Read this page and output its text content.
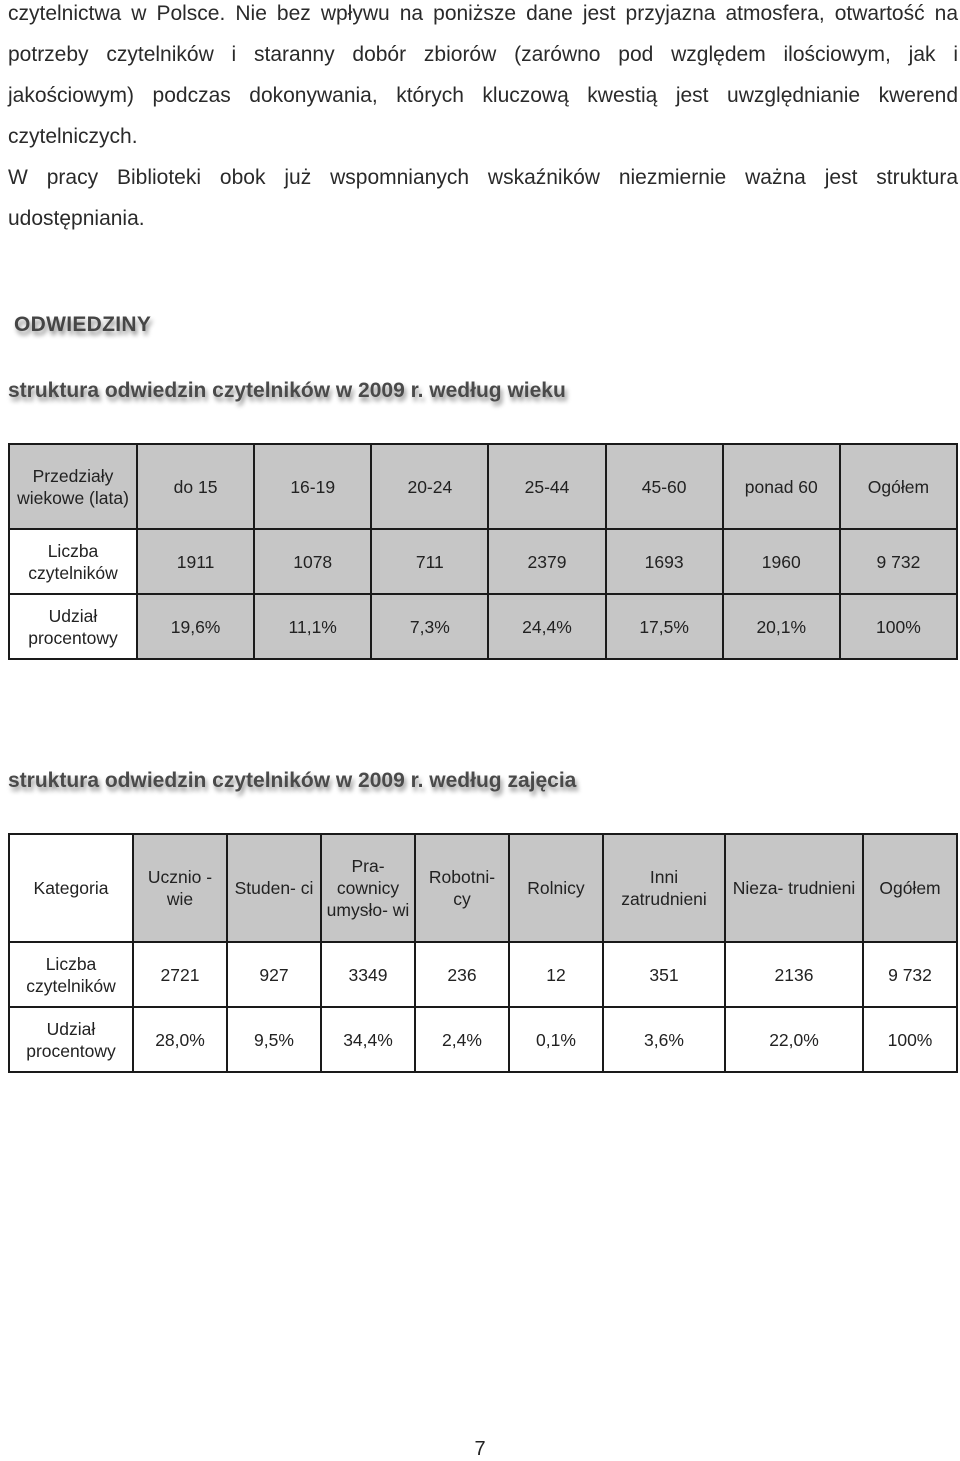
czytelnictwa w Polsce. Nie bez wpływu na poniższe dane jest przyjazna atmosfera, otwartość na potrzeby czytelników i staranny dobór zbiorów (zarówno pod względem ilościowym, jak i jakościowym) podczas dokonywania, których kluczową kwestią jest uwzględnianie kwerend czytelniczych.
W pracy Biblioteki obok już wspomnianych wskaźników niezmiernie ważna jest struktura udostępniania.
ODWIEDZINY
struktura odwiedzin czytelników w 2009 r. według wieku
Przedziały wiekowe (lata)	do 15	16-19	20-24	25-44	45-60	ponad 60	Ogółem
Liczba czytelników	1911	1078	711	2379	1693	1960	9 732
Udział procentowy	19,6%	11,1%	7,3%	24,4%	17,5%	20,1%	100%
struktura odwiedzin czytelników w 2009 r. według zajęcia
Kategoria	Ucznio -wie	Studen- ci	Pra- cownicy umysło- wi	Robotni- cy	Rolnicy	Inni zatrudnieni	Nieza- trudnieni	Ogółem
Liczba czytelników	2721	927	3349	236	12	351	2136	9 732
Udział procentowy	28,0%	9,5%	34,4%	2,4%	0,1%	3,6%	22,0%	100%
7
